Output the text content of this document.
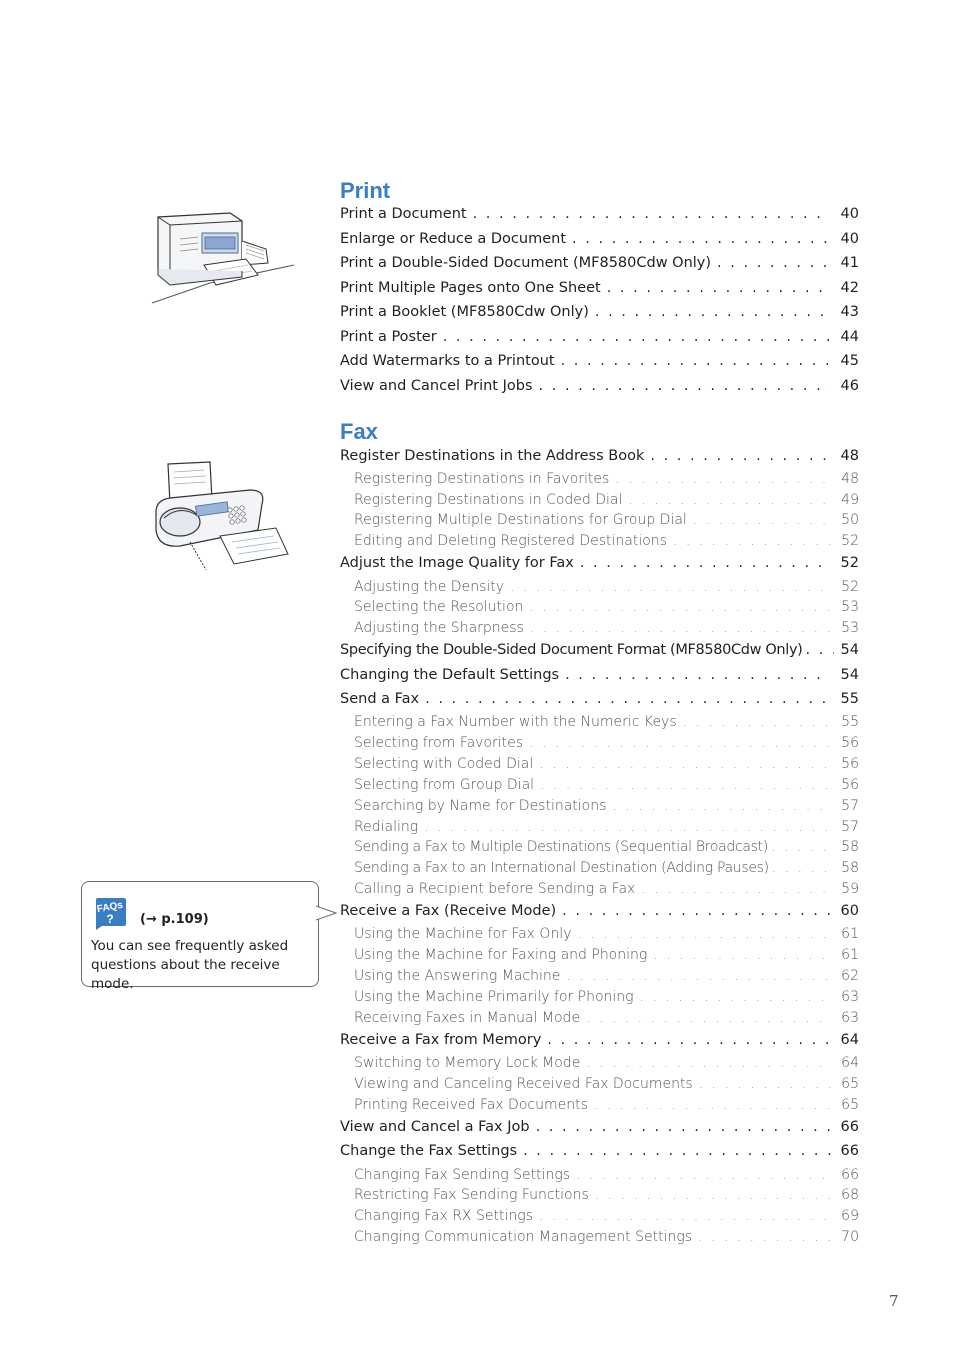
Print
Print a Document . . .	40
Enlarge or Reduce a Document . . .	40
Print a Double-Sided Document (MF8580Cdw Only) . . .	41
Print Multiple Pages onto One Sheet . . .	42
Print a Booklet (MF8580Cdw Only) . . .	43
Print a Poster . . .	44
Add Watermarks to a Printout . . .	45
View and Cancel Print Jobs . . .	46
Fax
Register Destinations in the Address Book . . .	48
Registering Destinations in Favorites . . .	48
Registering Destinations in Coded Dial . . .	49
Registering Multiple Destinations for Group Dial . . .	50
Editing and Deleting Registered Destinations . . .	52
Adjust the Image Quality for Fax . . .	52
Adjusting the Density . . .	52
Selecting the Resolution . . .	53
Adjusting the Sharpness . . .	53
Specifying the Double-Sided Document Format (MF8580Cdw Only) . . .	54
Changing the Default Settings . . .	54
Send a Fax . . .	55
Entering a Fax Number with the Numeric Keys . . .	55
Selecting from Favorites . . .	56
Selecting with Coded Dial . . .	56
Selecting from Group Dial . . .	56
Searching by Name for Destinations . . .	57
Redialing . . .	57
Sending a Fax to Multiple Destinations (Sequential Broadcast) . . .	58
Sending a Fax to an International Destination (Adding Pauses) . . .	58
Calling a Recipient before Sending a Fax . . .	59
Receive a Fax (Receive Mode) . . .	60
Using the Machine for Fax Only . . .	61
Using the Machine for Faxing and Phoning . . .	61
Using the Answering Machine . . .	62
Using the Machine Primarily for Phoning . . .	63
Receiving Faxes in Manual Mode . . .	63
Receive a Fax from Memory . . .	64
Switching to Memory Lock Mode . . .	64
Viewing and Canceling Received Fax Documents . . .	65
Printing Received Fax Documents . . .	65
View and Cancel a Fax Job . . .	66
Change the Fax Settings . . .	66
Changing Fax Sending Settings . . .	66
Restricting Fax Sending Functions . . .	68
Changing Fax RX Settings . . .	69
Changing Communication Management Settings . . .	70
FAQs
? (→ p.109)
You can see frequently asked questions about the receive mode.
7
